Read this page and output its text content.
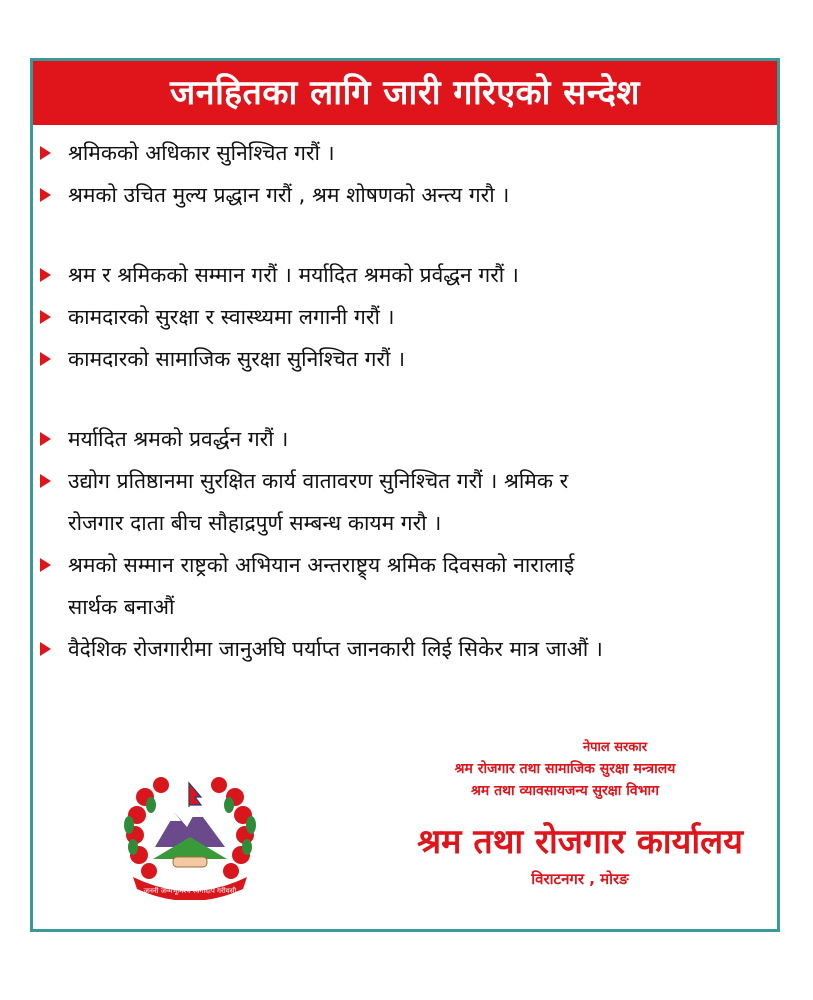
जनहितका लागि जारी गरिएको सन्देश
श्रमिकको अधिकार सुनिश्चित गरौं ।
श्रमको उचित मुल्य प्रद्धान गरौं , श्रम शोषणको अन्त्य गरौ ।
श्रम र श्रमिकको सम्मान गरौं । मर्यादित श्रमको प्रर्वद्धन गरौं ।
कामदारको सुरक्षा र स्वास्थ्यमा लगानी गरौं ।
कामदारको सामाजिक सुरक्षा सुनिश्चित गरौं ।
मर्यादित श्रमको प्रवर्द्धन गरौं ।
उद्योग प्रतिष्ठानमा सुरक्षित कार्य वातावरण सुनिश्चित गरौं । श्रमिक र
रोजगार दाता बीच सौहाद्रपुर्ण सम्बन्ध कायम गरौ ।
श्रमको सम्मान राष्ट्रको अभियान अन्तराष्ट्र्य श्रमिक दिवसको नारालाई
सार्थक बनाऔं
वैदेशिक रोजगारीमा जानुअघि पर्याप्त जानकारी लिई सिकेर मात्र जाऔं ।
जननी जन्मभूमिश्च स्वर्गादपि गरीयसी
नेपाल सरकार
श्रम रोजगार तथा सामाजिक सुरक्षा मन्त्रालय
श्रम तथा व्यावसायजन्य सुरक्षा विभाग
श्रम तथा रोजगार कार्यालय
विराटनगर , मोरङ
